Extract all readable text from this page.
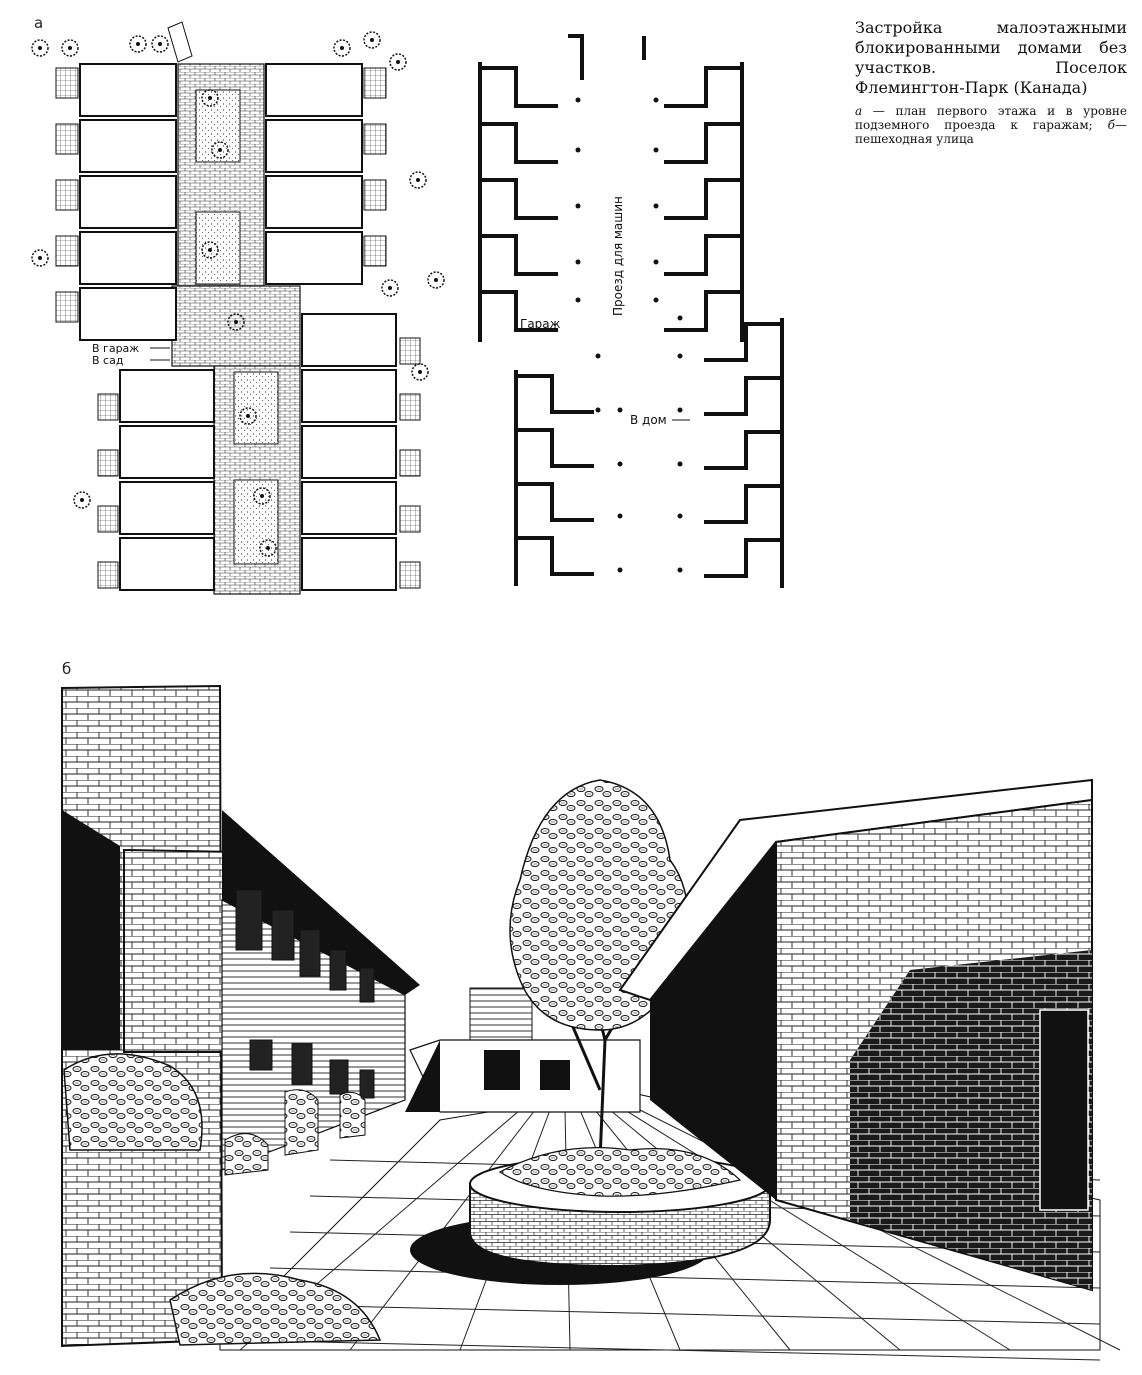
а
б

Застройка малоэтажными блокированными домами без участков. Поселок Флемингтон-Парк (Канада)

а — план первого этажа и в уровне подземного проезда к гаражам; б—пешеходная улица
В гараж
В сад
Проезд для машин
Гараж
В дом
